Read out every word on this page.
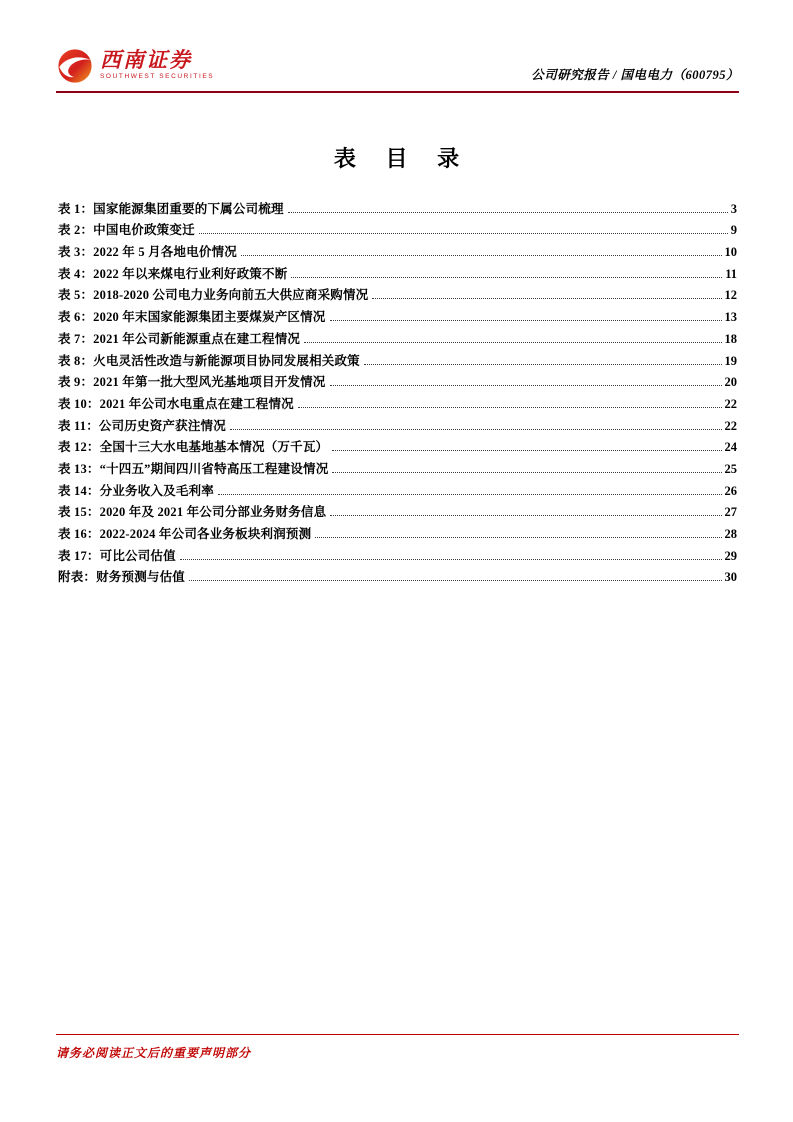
西南证券
SOUTHWEST SECURITIES	公司研究报告 / 国电电力（600795）
表 目 录
表 1：国家能源集团重要的下属公司梳理	3
表 2：中国电价政策变迁	9
表 3：2022 年 5 月各地电价情况	10
表 4：2022 年以来煤电行业利好政策不断	11
表 5：2018-2020 公司电力业务向前五大供应商采购情况	12
表 6：2020 年末国家能源集团主要煤炭产区情况	13
表 7：2021 年公司新能源重点在建工程情况	18
表 8：火电灵活性改造与新能源项目协同发展相关政策	19
表 9：2021 年第一批大型风光基地项目开发情况	20
表 10：2021 年公司水电重点在建工程情况	22
表 11：公司历史资产获注情况	22
表 12：全国十三大水电基地基本情况（万千瓦）	24
表 13：“十四五”期间四川省特高压工程建设情况	25
表 14：分业务收入及毛利率	26
表 15：2020 年及 2021 年公司分部业务财务信息	27
表 16：2022-2024 年公司各业务板块利润预测	28
表 17：可比公司估值	29
附表：财务预测与估值	30
请务必阅读正文后的重要声明部分
